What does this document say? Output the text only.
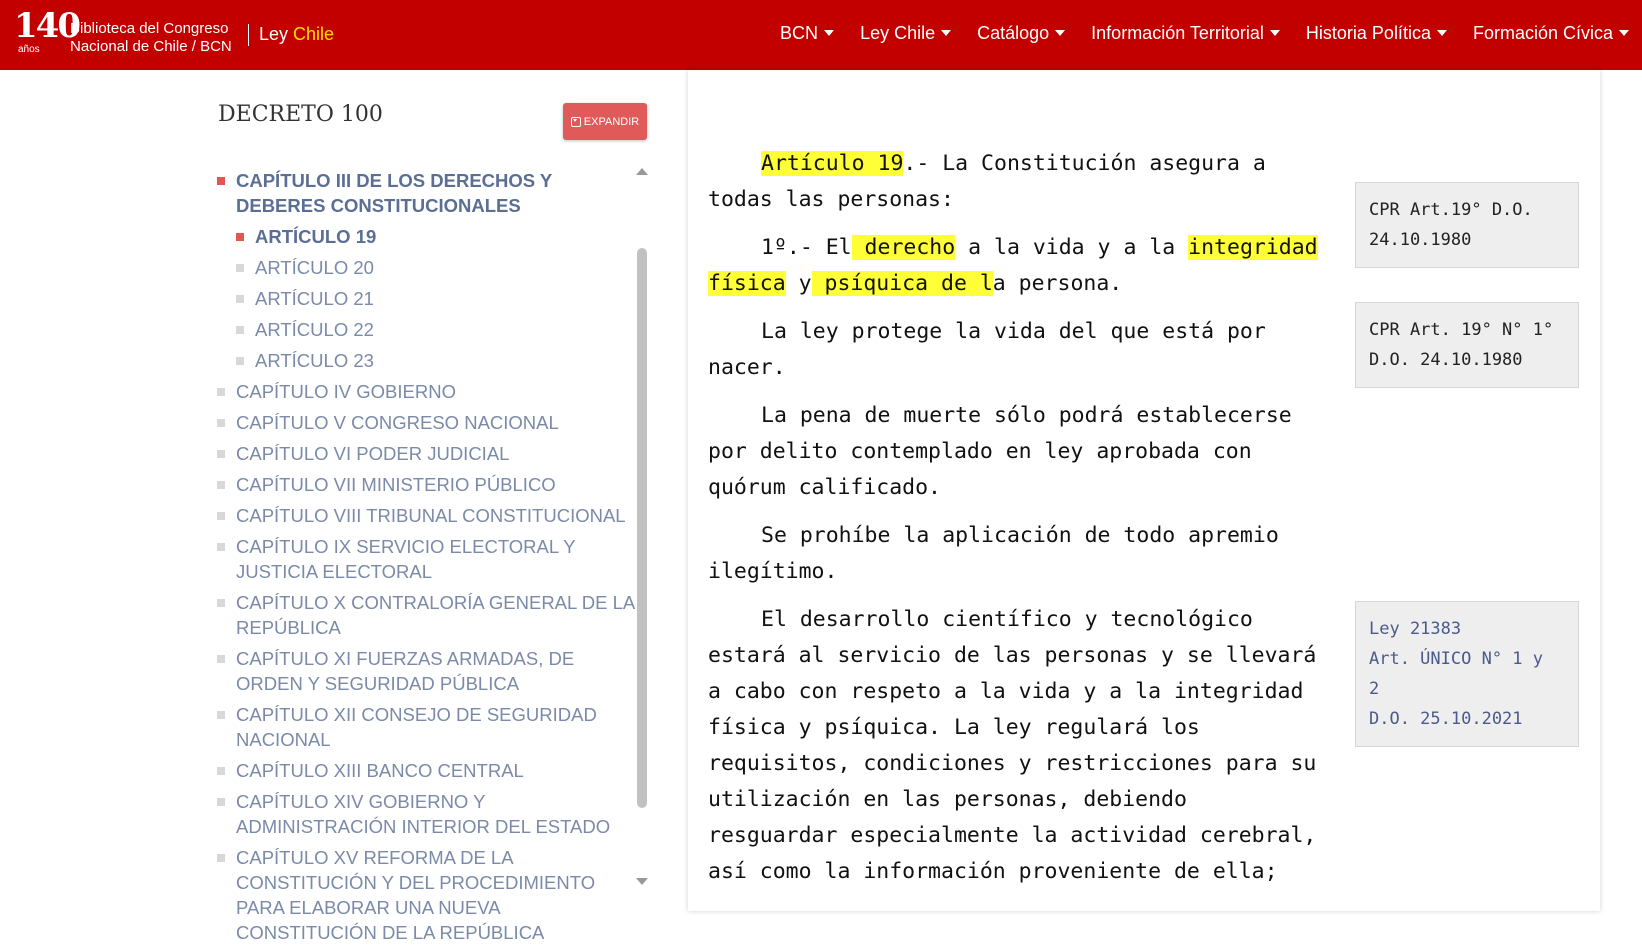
140
años
Biblioteca del Congreso
Nacional de Chile / BCN
Ley Chile	BCN Ley Chile Catálogo Información Territorial Historia Política Formación Cívica
DECRETO 100	EXPANDIR
CAPÍTULO III DE LOS DERECHOS Y DEBERES CONSTITUCIONALES
ARTÍCULO 19
ARTÍCULO 20
ARTÍCULO 21
ARTÍCULO 22
ARTÍCULO 23
CAPÍTULO IV GOBIERNO
CAPÍTULO V CONGRESO NACIONAL
CAPÍTULO VI PODER JUDICIAL
CAPÍTULO VII MINISTERIO PÚBLICO
CAPÍTULO VIII TRIBUNAL CONSTITUCIONAL
CAPÍTULO IX SERVICIO ELECTORAL Y JUSTICIA ELECTORAL
CAPÍTULO X CONTRALORÍA GENERAL DE LA REPÚBLICA
CAPÍTULO XI FUERZAS ARMADAS, DE ORDEN Y SEGURIDAD PÚBLICA
CAPÍTULO XII CONSEJO DE SEGURIDAD NACIONAL
CAPÍTULO XIII BANCO CENTRAL
CAPÍTULO XIV GOBIERNO Y ADMINISTRACIÓN INTERIOR DEL ESTADO
CAPÍTULO XV REFORMA DE LA CONSTITUCIÓN Y DEL PROCEDIMIENTO PARA ELABORAR UNA NUEVA CONSTITUCIÓN DE LA REPÚBLICA

Artículo 19.- La Constitución asegura a todas las personas:

1º.- El derecho a la vida y a la integridad física y psíquica de la persona.

La ley protege la vida del que está por nacer.

La pena de muerte sólo podrá establecerse por delito contemplado en ley aprobada con quórum calificado.

Se prohíbe la aplicación de todo apremio ilegítimo.

El desarrollo científico y tecnológico estará al servicio de las personas y se llevará a cabo con respeto a la vida y a la integridad física y psíquica. La ley regulará los requisitos, condiciones y restricciones para su utilización en las personas, debiendo resguardar especialmente la actividad cerebral, así como la información proveniente de ella;

CPR Art.19° D.O.
24.10.1980
CPR Art. 19° N° 1°
D.O. 24.10.1980
Ley 21383
Art. ÚNICO N° 1 y
2
D.O. 25.10.2021
